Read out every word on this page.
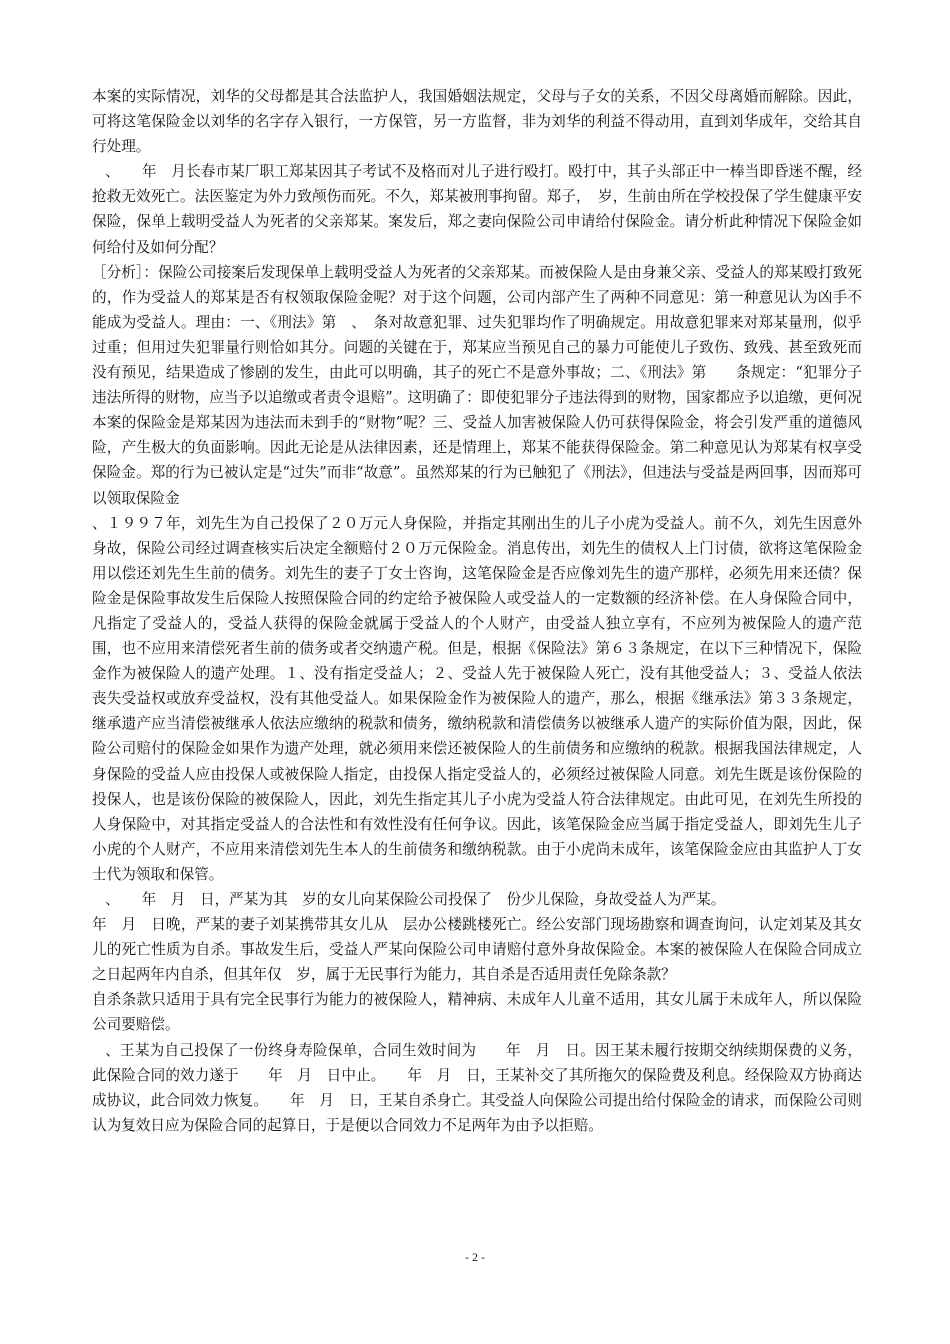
本案的实际情况，刘华的父母都是其合法监护人，我国婚姻法规定，父母与子女的关系，不因父母离婚而解除。因此，可将这笔保险金以刘华的名字存入银行，一方保管，另一方监督，非为刘华的利益不得动用，直到刘华成年，交给其自行处理。

、　　年　月长春市某厂职工郑某因其子考试不及格而对儿子进行殴打。殴打中，其子头部正中一棒当即昏迷不醒，经抢救无效死亡。法医鉴定为外力致颅伤而死。不久，郑某被刑事拘留。郑子，　岁，生前由所在学校投保了学生健康平安保险，保单上载明受益人为死者的父亲郑某。案发后，郑之妻向保险公司申请给付保险金。请分析此种情况下保险金如何给付及如何分配？

［分析］：保险公司接案后发现保单上载明受益人为死者的父亲郑某。而被保险人是由身兼父亲、受益人的郑某殴打致死的，作为受益人的郑某是否有权领取保险金呢？对于这个问题，公司内部产生了两种不同意见：第一种意见认为凶手不能成为受益人。理由：一、《刑法》第　、　条对故意犯罪、过失犯罪均作了明确规定。用故意犯罪来对郑某量刑，似乎过重；但用过失犯罪量行则恰如其分。问题的关键在于，郑某应当预见自己的暴力可能使儿子致伤、致残、甚至致死而没有预见，结果造成了惨剧的发生，由此可以明确，其子的死亡不是意外事故；二、《刑法》第　　条规定：“犯罪分子违法所得的财物，应当予以追缴或者责令退赔”。这明确了：即使犯罪分子违法得到的财物，国家都应予以追缴，更何况本案的保险金是郑某因为违法而未到手的“财物”呢？三、受益人加害被保险人仍可获得保险金，将会引发严重的道德风险，产生极大的负面影响。因此无论是从法律因素，还是情理上，郑某不能获得保险金。第二种意见认为郑某有权享受保险金。郑的行为已被认定是“过失”而非“故意”。虽然郑某的行为已触犯了《刑法》，但违法与受益是两回事，因而郑可以领取保险金

、１９９７年，刘先生为自己投保了２０万元人身保险，并指定其刚出生的儿子小虎为受益人。前不久，刘先生因意外身故，保险公司经过调查核实后决定全额赔付２０万元保险金。消息传出，刘先生的债权人上门讨债，欲将这笔保险金用以偿还刘先生生前的债务。刘先生的妻子丁女士咨询，这笔保险金是否应像刘先生的遗产那样，必须先用来还债？保险金是保险事故发生后保险人按照保险合同的约定给予被保险人或受益人的一定数额的经济补偿。在人身保险合同中，凡指定了受益人的，受益人获得的保险金就属于受益人的个人财产，由受益人独立享有，不应列为被保险人的遗产范围，也不应用来清偿死者生前的债务或者交纳遗产税。但是，根据《保险法》第６３条规定，在以下三种情况下，保险金作为被保险人的遗产处理。１、没有指定受益人；２、受益人先于被保险人死亡，没有其他受益人；３、受益人依法丧失受益权或放弃受益权，没有其他受益人。如果保险金作为被保险人的遗产，那么，根据《继承法》第３３条规定，继承遗产应当清偿被继承人依法应缴纳的税款和债务，缴纳税款和清偿债务以被继承人遗产的实际价值为限，因此，保险公司赔付的保险金如果作为遗产处理，就必须用来偿还被保险人的生前债务和应缴纳的税款。根据我国法律规定，人身保险的受益人应由投保人或被保险人指定，由投保人指定受益人的，必须经过被保险人同意。刘先生既是该份保险的投保人，也是该份保险的被保险人，因此，刘先生指定其儿子小虎为受益人符合法律规定。由此可见，在刘先生所投的人身保险中，对其指定受益人的合法性和有效性没有任何争议。因此，该笔保险金应当属于指定受益人，即刘先生儿子小虎的个人财产，不应用来清偿刘先生本人的生前债务和缴纳税款。由于小虎尚未成年，该笔保险金应由其监护人丁女士代为领取和保管。

、　　年　月　日，严某为其　岁的女儿向某保险公司投保了　份少儿保险，身故受益人为严某。

年　月　日晚，严某的妻子刘某携带其女儿从　层办公楼跳楼死亡。经公安部门现场勘察和调查询问，认定刘某及其女儿的死亡性质为自杀。事故发生后，受益人严某向保险公司申请赔付意外身故保险金。本案的被保险人在保险合同成立之日起两年内自杀，但其年仅　岁，属于无民事行为能力，其自杀是否适用责任免除条款？

自杀条款只适用于具有完全民事行为能力的被保险人，精神病、未成年人儿童不适用，其女儿属于未成年人，所以保险公司要赔偿。

、王某为自己投保了一份终身寿险保单，合同生效时间为　　年　月　日。因王某未履行按期交纳续期保费的义务，此保险合同的效力遂于　　年　月　日中止。　　年　月　日，王某补交了其所拖欠的保险费及利息。经保险双方协商达成协议，此合同效力恢复。　　年　月　日，王某自杀身亡。其受益人向保险公司提出给付保险金的请求，而保险公司则认为复效日应为保险合同的起算日，于是便以合同效力不足两年为由予以拒赔。

- 2 -
